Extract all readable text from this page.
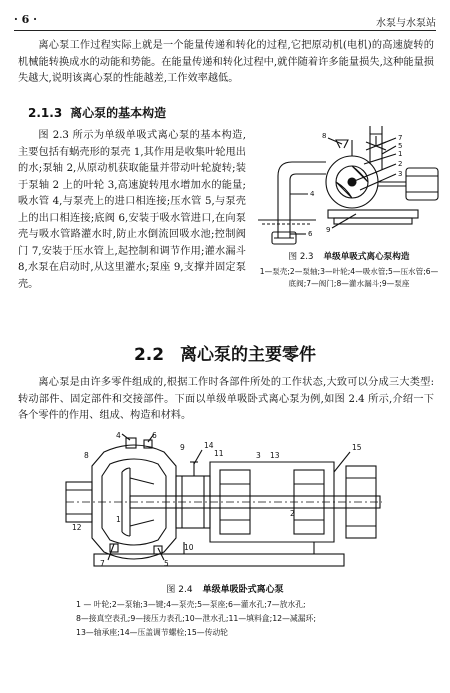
· 6 ·	水泵与水泵站
离心泵工作过程实际上就是一个能量传递和转化的过程,它把原动机(电机)的高速旋转的机械能转换成水的动能和势能。在能量传递和转化过程中,就伴随着许多能量损失,这种能量损失越大,说明该离心泵的性能越差,工作效率越低。
2.1.3 离心泵的基本构造
图 2.3 所示为单级单吸式离心泵的基本构造,主要包括有蜗壳形的泵壳 1,其作用是收集叶轮甩出的水;泵轴 2,从原动机获取能量并带动叶轮旋转;装于泵轴 2 上的叶轮 3,高速旋转甩水增加水的能量;吸水管 4,与泵壳上的进口相连接;压水管 5,与泵壳上的出口相连接;底阀 6,安装于吸水管进口,在向泵壳与吸水管路灌水时,防止水倒流回吸水池;控制阀门 7,安装于压水管上,起控制和调节作用;灌水漏斗 8,水泵在启动时,从这里灌水;泵座 9,支撑并固定泵壳。
1
2
3
4
5
6
7
8
9
图 2.3 单级单吸式离心泵构造
1—泵壳;2—泵轴;3—叶轮;4—吸水管;5—压水管;6—底阀;7—阀门;8—灌水漏斗;9—泵座
2.2 离心泵的主要零件
离心泵是由许多零件组成的,根据工作时各部件所处的工作状态,大致可以分成三大类型:转动部件、固定部件和交接部件。下面以单级单吸卧式离心泵为例,如图 2.4 所示,介绍一下各个零件的作用、组成、构造和材料。
4	6
8
12
1
7	5
9	14
11	3 13
2
10
15
图 2.4 单级单吸卧式离心泵
1 — 叶轮;2—泵轴;3—键;4—泵壳;5—泵座;6—灌水孔;7—放水孔;
8—接真空表孔;9—接压力表孔;10—泄水孔;11—填料盒;12—减漏环;
13—轴承座;14—压盖调节螺栓;15—传动轮
